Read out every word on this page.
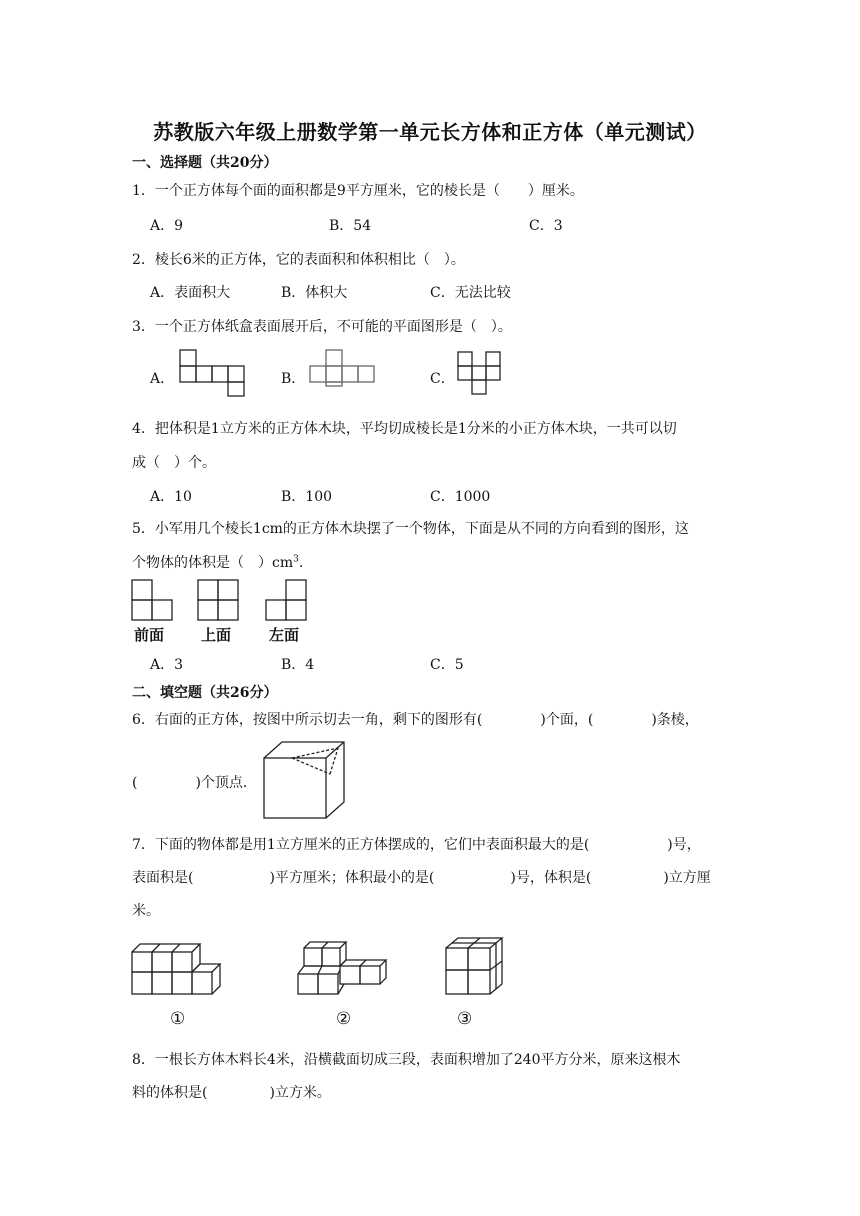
苏教版六年级上册数学第一单元长方体和正方体（单元测试）
一、选择题（共20分）
1．一个正方体每个面的面积都是9平方厘米，它的棱长是（　　）厘米。
A．9	B．54	C．3
2．棱长6米的正方体，它的表面积和体积相比（　）。
A．表面积大	B．体积大	C．无法比较
3．一个正方体纸盒表面展开后，不可能的平面图形是（　）。
A．	B．	C．
4．把体积是1立方米的正方体木块，平均切成棱长是1分米的小正方体木块，一共可以切
成（　）个。
A．10	B．100	C．1000
5．小军用几个棱长1cm的正方体木块摆了一个物体，下面是从不同的方向看到的图形，这
个物体的体积是（　）$cm^3$.
前面 上面	左面
A．3	B．4	C．5
二、填空题（共26分）
6．右面的正方体，按图中所示切去一角，剩下的图形有(	)个面，(	)条棱，
(	)个顶点．
7．下面的物体都是用1立方厘米的正方体摆成的，它们中表面积最大的是(	)号，
表面积是(	)平方厘米；体积最小的是(	)号，体积是(	)立方厘
米。
①	②	③
8．一根长方体木料长4米，沿横截面切成三段，表面积增加了240平方分米，原来这根木
料的体积是(	)立方米。
